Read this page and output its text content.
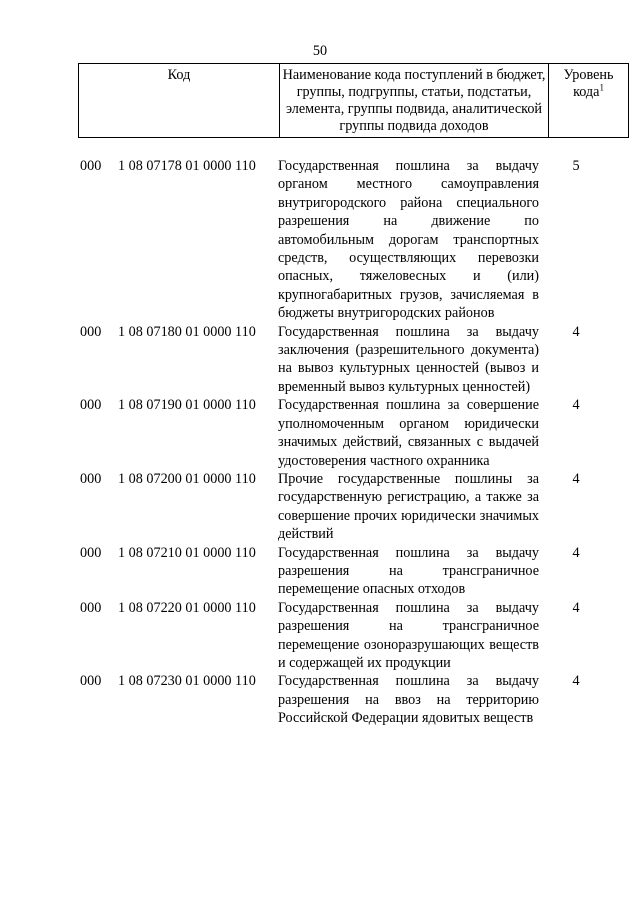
50
Код	Наименование кода поступлений в бюджет, группы, подгруппы, статьи, подстатьи, элемента, группы подвида, аналитической группы подвида доходов	Уровень кода$^1$
000	1 08 07178 01 0000 110	Государственная пошлина за выдачу органом местного самоуправления внутригородского района специального разрешения на движение по автомобильным дорогам транспортных средств, осуществляющих перевозки опасных, тяжеловесных и (или) крупногабаритных грузов, зачисляемая в бюджеты внутригородских районов	5
000	1 08 07180 01 0000 110	Государственная пошлина за выдачу заключения (разрешительного документа) на вывоз культурных ценностей (вывоз и временный вывоз культурных ценностей)	4
000	1 08 07190 01 0000 110	Государственная пошлина за совершение уполномоченным органом юридически значимых действий, связанных с выдачей удостоверения частного охранника	4
000	1 08 07200 01 0000 110	Прочие государственные пошлины за государственную регистрацию, а также за совершение прочих юридически значимых действий	4
000	1 08 07210 01 0000 110	Государственная пошлина за выдачу разрешения на трансграничное перемещение опасных отходов	4
000	1 08 07220 01 0000 110	Государственная пошлина за выдачу разрешения на трансграничное перемещение озоноразрушающих веществ и содержащей их продукции	4
000	1 08 07230 01 0000 110	Государственная пошлина за выдачу разрешения на ввоз на территорию Российской Федерации ядовитых веществ	4
